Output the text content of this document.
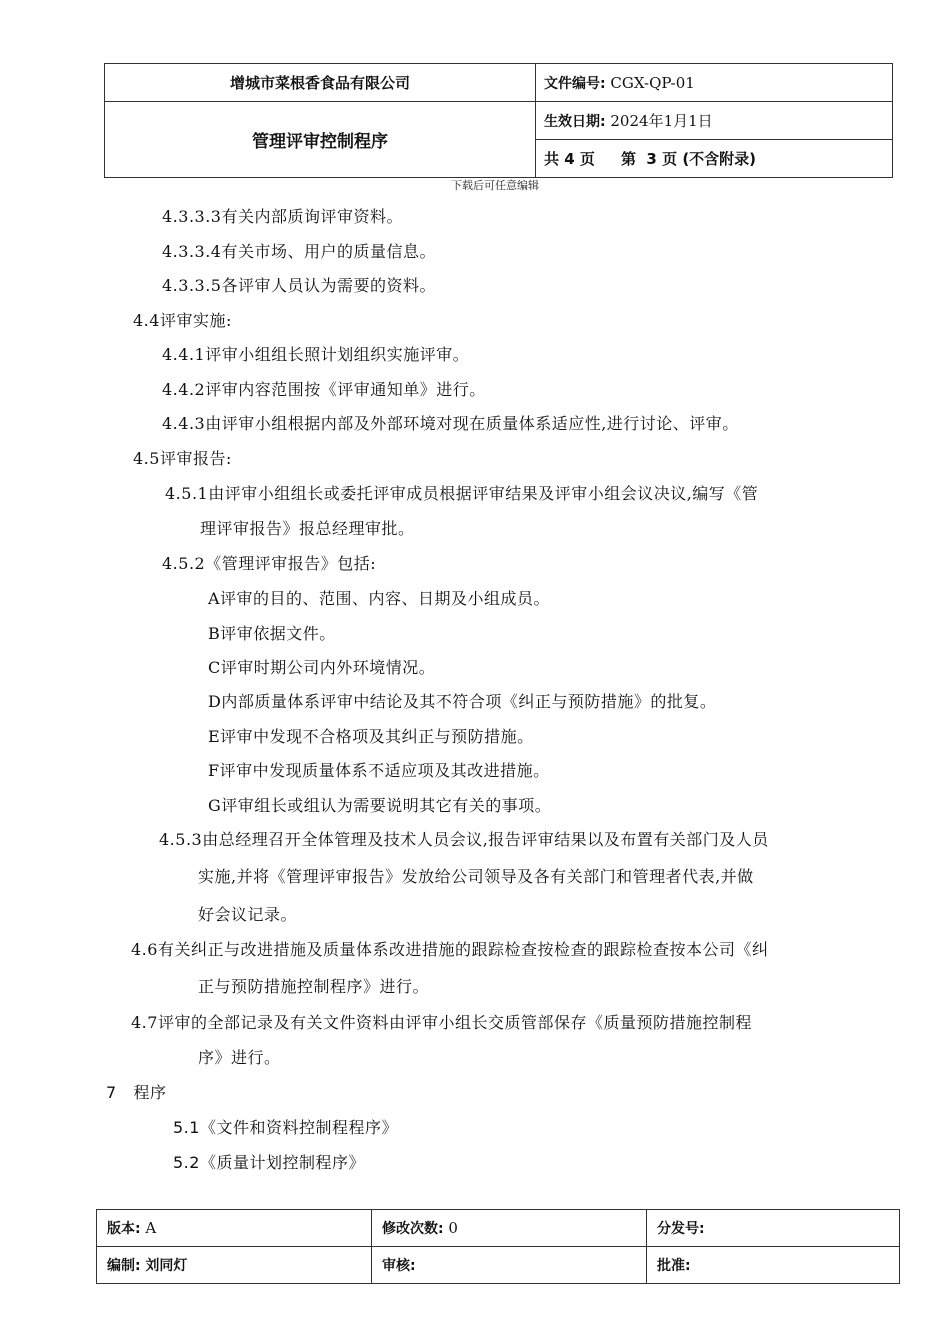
增城市菜根香食品有限公司	文件编号: CGX-QP-01
管理评审控制程序	生效日期: 2024年1月1日
	共 4 页     第  3 页 (不含附录)
下载后可任意编辑
4.3.3.3有关内部质询评审资料。
4.3.3.4有关市场、用户的质量信息。
4.3.3.5各评审人员认为需要的资料。
4.4评审实施:
4.4.1评审小组组长照计划组织实施评审。
4.4.2评审内容范围按《评审通知单》进行。
4.4.3由评审小组根据内部及外部环境对现在质量体系适应性,进行讨论、评审。
4.5评审报告:
4.5.1由评审小组组长或委托评审成员根据评审结果及评审小组会议决议,编写《管
理评审报告》报总经理审批。
4.5.2《管理评审报告》包括:
A评审的目的、范围、内容、日期及小组成员。
B评审依据文件。
C评审时期公司内外环境情况。
D内部质量体系评审中结论及其不符合项《纠正与预防措施》的批复。
E评审中发现不合格项及其纠正与预防措施。
F评审中发现质量体系不适应项及其改进措施。
G评审组长或组认为需要说明其它有关的事项。
4.5.3由总经理召开全体管理及技术人员会议,报告评审结果以及布置有关部门及人员
实施,并将《管理评审报告》发放给公司领导及各有关部门和管理者代表,并做
好会议记录。
4.6有关纠正与改进措施及质量体系改进措施的跟踪检查按检查的跟踪检查按本公司《纠
正与预防措施控制程序》进行。
4.7评审的全部记录及有关文件资料由评审小组长交质管部保存《质量预防措施控制程
序》进行。
7   程序
5.1《文件和资料控制程程序》
5.2《质量计划控制程序》
版本: A	修改次数: 0	分发号:
编制: 刘同灯	审核:	批准:
